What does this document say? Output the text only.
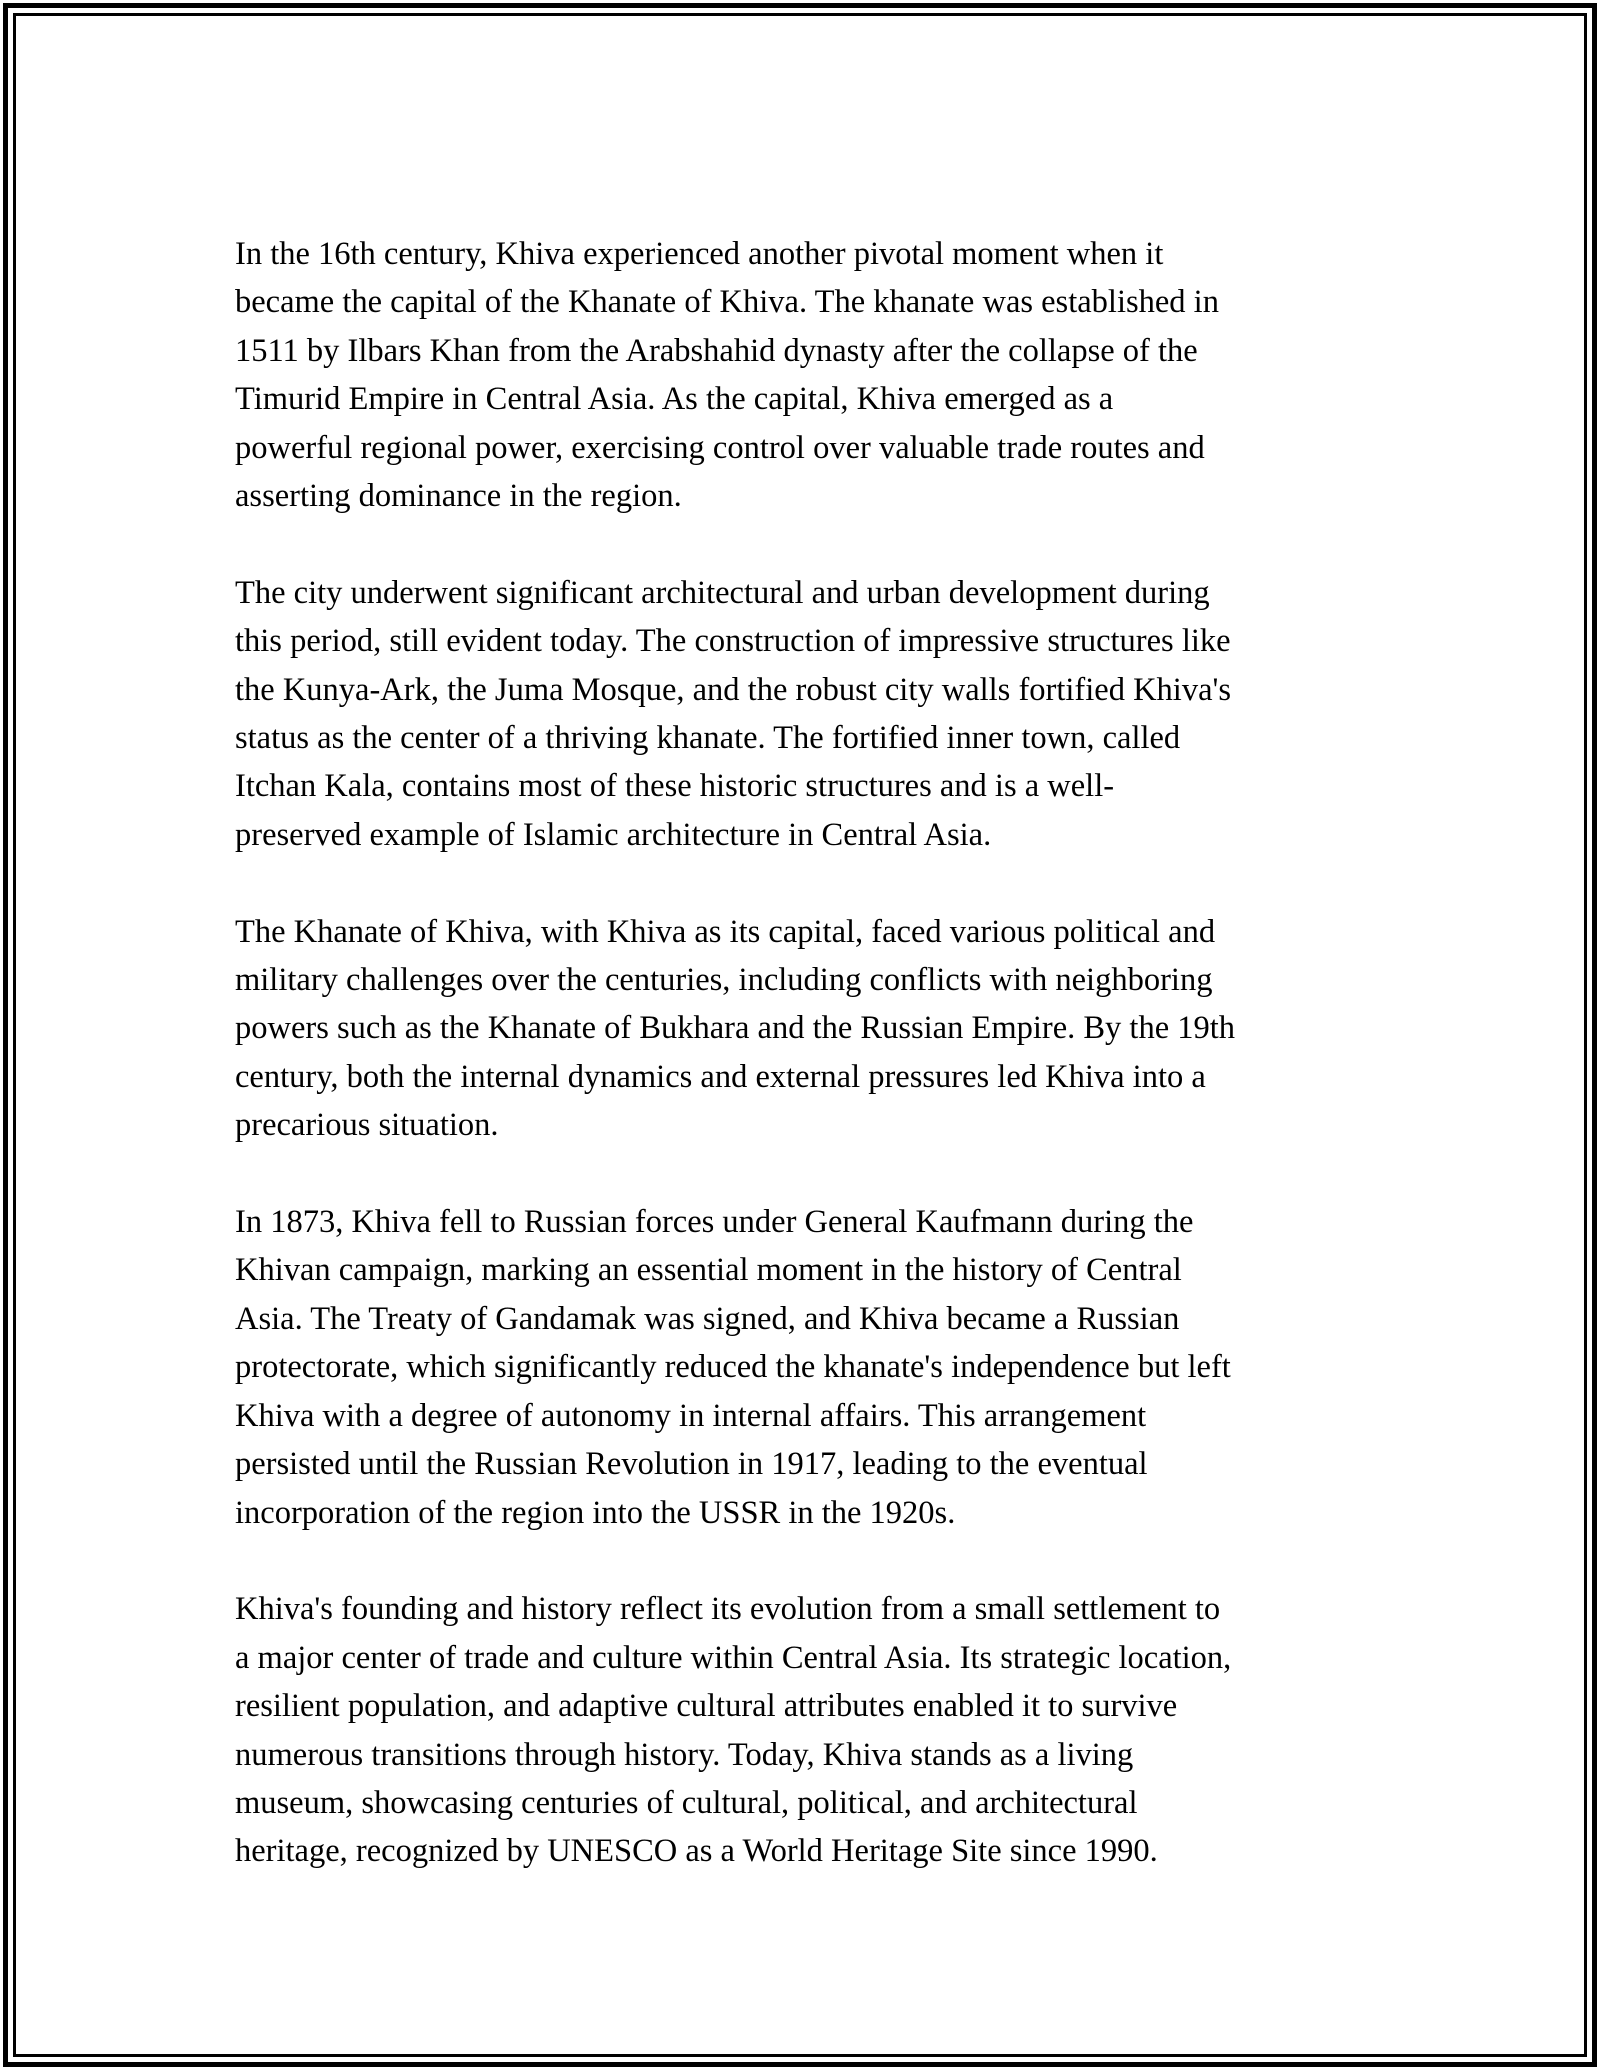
In the 16th century, Khiva experienced another pivotal moment when it
became the capital of the Khanate of Khiva. The khanate was established in
1511 by Ilbars Khan from the Arabshahid dynasty after the collapse of the
Timurid Empire in Central Asia. As the capital, Khiva emerged as a
powerful regional power, exercising control over valuable trade routes and
asserting dominance in the region.

The city underwent significant architectural and urban development during
this period, still evident today. The construction of impressive structures like
the Kunya-Ark, the Juma Mosque, and the robust city walls fortified Khiva's
status as the center of a thriving khanate. The fortified inner town, called
Itchan Kala, contains most of these historic structures and is a well-
preserved example of Islamic architecture in Central Asia.

The Khanate of Khiva, with Khiva as its capital, faced various political and
military challenges over the centuries, including conflicts with neighboring
powers such as the Khanate of Bukhara and the Russian Empire. By the 19th
century, both the internal dynamics and external pressures led Khiva into a
precarious situation.

In 1873, Khiva fell to Russian forces under General Kaufmann during the
Khivan campaign, marking an essential moment in the history of Central
Asia. The Treaty of Gandamak was signed, and Khiva became a Russian
protectorate, which significantly reduced the khanate's independence but left
Khiva with a degree of autonomy in internal affairs. This arrangement
persisted until the Russian Revolution in 1917, leading to the eventual
incorporation of the region into the USSR in the 1920s.

Khiva's founding and history reflect its evolution from a small settlement to
a major center of trade and culture within Central Asia. Its strategic location,
resilient population, and adaptive cultural attributes enabled it to survive
numerous transitions through history. Today, Khiva stands as a living
museum, showcasing centuries of cultural, political, and architectural
heritage, recognized by UNESCO as a World Heritage Site since 1990.
